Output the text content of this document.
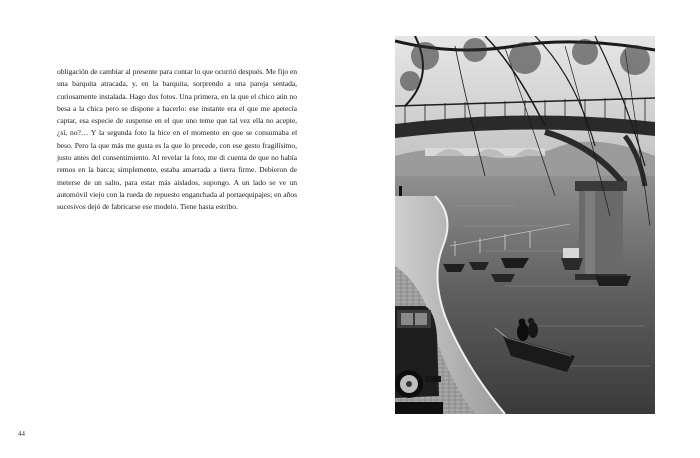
obligación de cambiar al presente para contar lo que ocurrió después. Me fijo en una barquita atracada, y, en la barquita, sorprendo a una pareja sentada, curiosamente instalada. Hago dos fotos. Una primera, en la que el chico aún no besa a la chica pero se dispone a hacerlo: ese instante era el que me apetecía captar, esa especie de suspense en el que uno teme que tal vez ella no acepte, ¿sí, no?… Y la segunda foto la hice en el momento en que se consumaba el beso. Pero la que más me gusta es la que lo precede, con ese gesto fragilísimo, justo antes del consentimiento. Al revelar la foto, me di cuenta de que no había remos en la barca; simplemente, estaba amarrada a tierra firme. Debieron de meterse de un salto, para estar más aislados, supongo. A un lado se ve un automóvil viejo con la rueda de repuesto enganchada al portaequipajes; en años sucesivos dejó de fabricarse ese modelo. Tiene hasta estribo.

44
